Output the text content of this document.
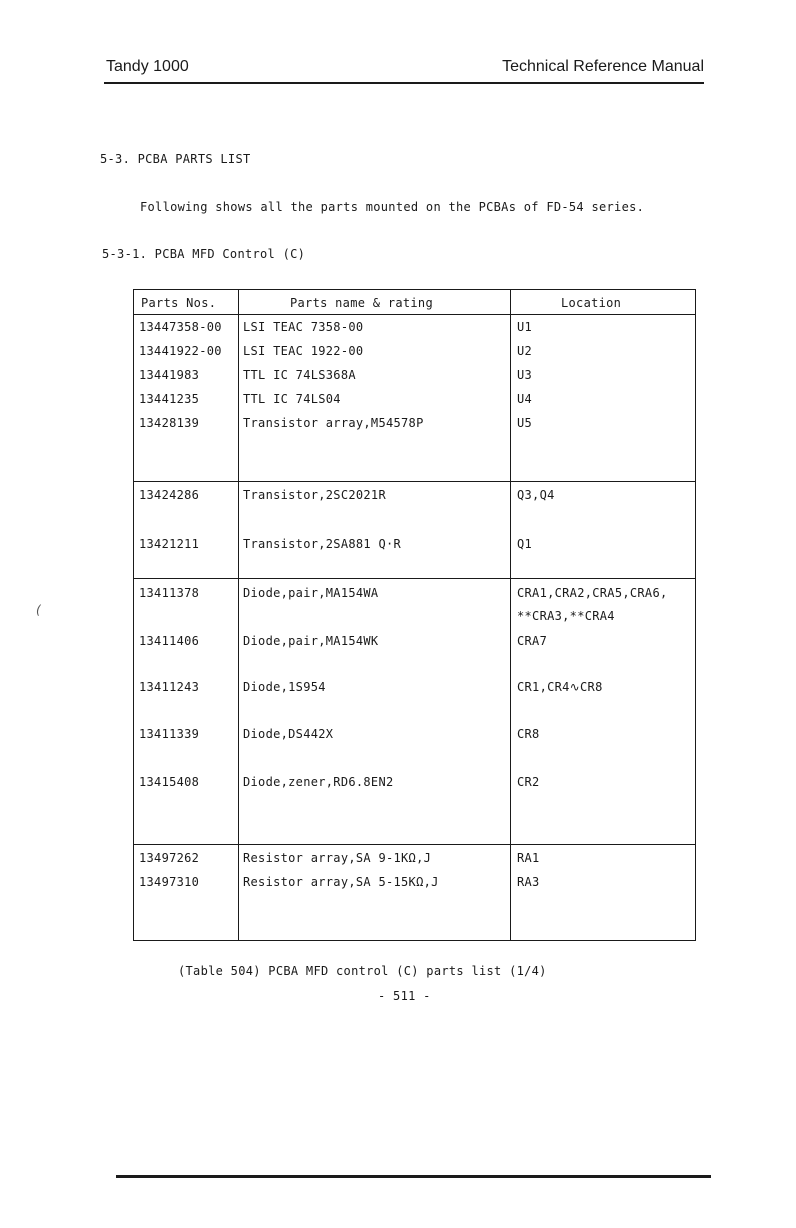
Tandy 1000	Technical Reference Manual
5-3. PCBA PARTS LIST
Following shows all the parts mounted on the PCBAs of FD-54 series.
5-3-1. PCBA MFD Control (C)
(
Parts Nos.	Parts name & rating	Location
13447358-00 LSI TEAC 7358-00	U1
13441922-00 LSI TEAC 1922-00	U2
13441983	TTL IC 74LS368A	U3
13441235	TTL IC 74LS04	U4
13428139	Transistor array,M54578P	U5
13424286	Transistor,2SC2021R	Q3,Q4
13421211	Transistor,2SA881 Q·R	Q1
13411378	Diode,pair,MA154WA	CRA1,CRA2,CRA5,CRA6,
**CRA3,**CRA4
13411406	Diode,pair,MA154WK	CRA7
13411243	Diode,1S954	CR1,CR4∿CR8
13411339	Diode,DS442X	CR8
13415408	Diode,zener,RD6.8EN2	CR2
13497262	Resistor array,SA 9-1KΩ,J	RA1
13497310	Resistor array,SA 5-15KΩ,J	RA3
(Table 504) PCBA MFD control (C) parts list (1/4)
- 511 -
